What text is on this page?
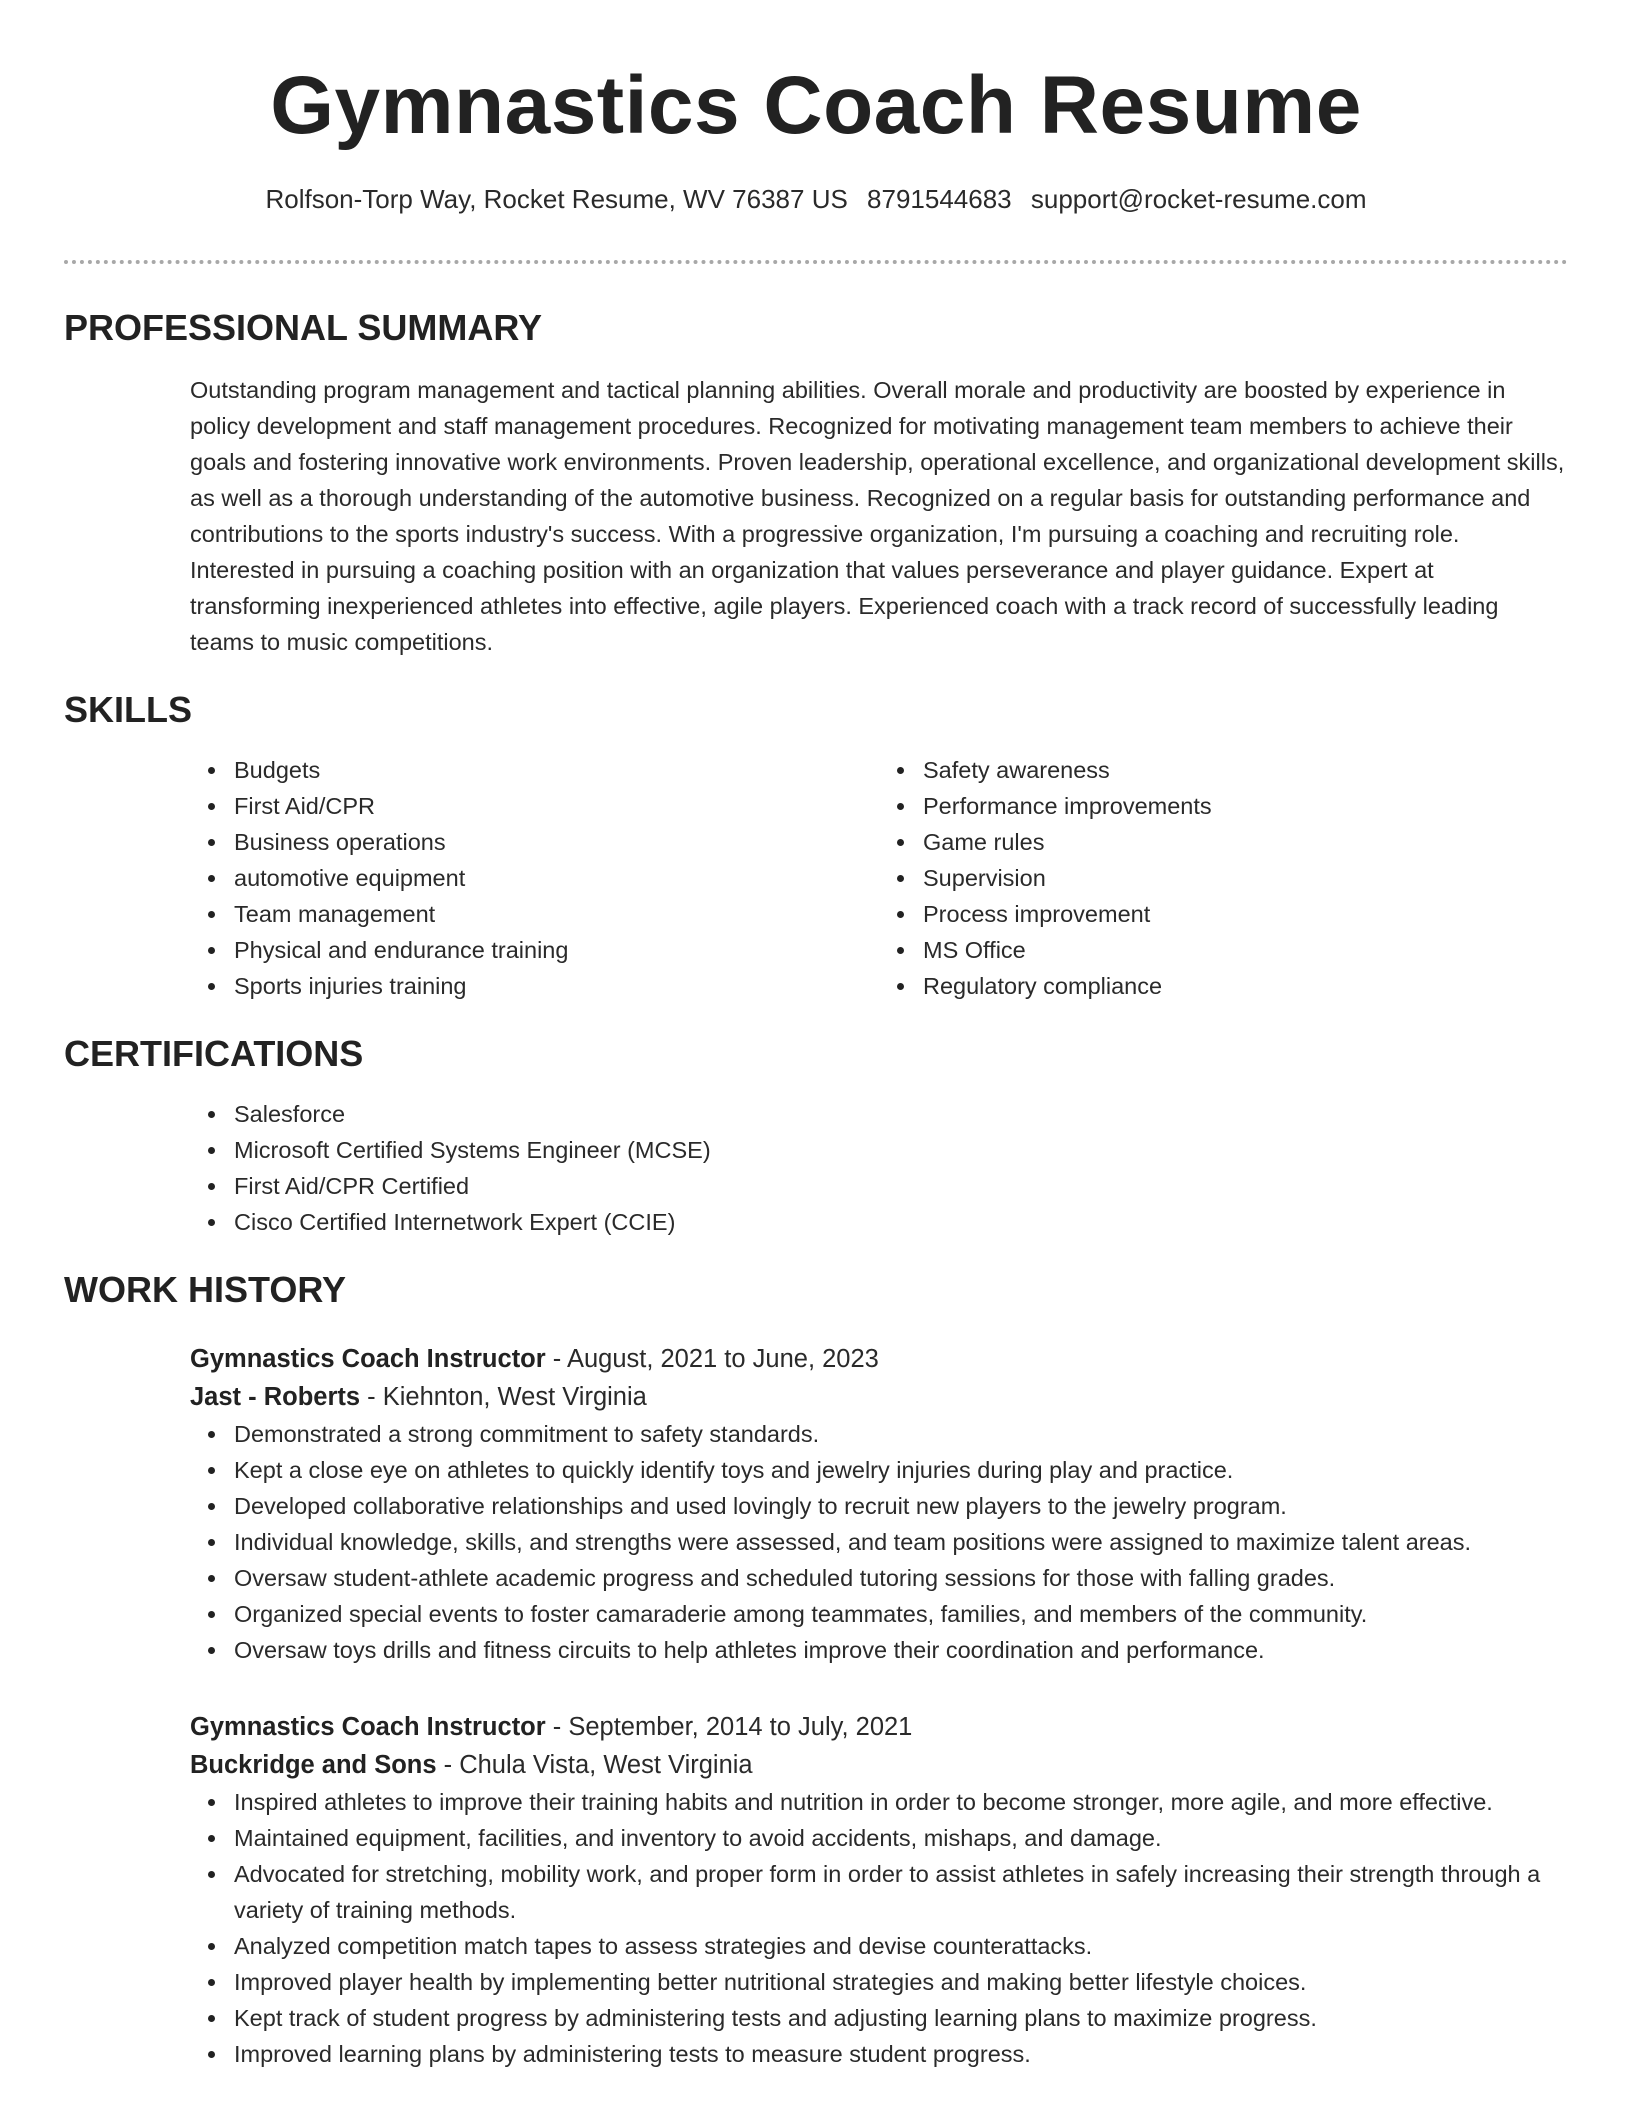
Gymnastics Coach Resume
Rolfson-Torp Way, Rocket Resume, WV 76387 US 8791544683 support@rocket-resume.com
PROFESSIONAL SUMMARY

Outstanding program management and tactical planning abilities. Overall morale and productivity are boosted by experience in policy development and staff management procedures. Recognized for motivating management team members to achieve their goals and fostering innovative work environments. Proven leadership, operational excellence, and organizational development skills, as well as a thorough understanding of the automotive business. Recognized on a regular basis for outstanding performance and contributions to the sports industry's success. With a progressive organization, I'm pursuing a coaching and recruiting role. Interested in pursuing a coaching position with an organization that values perseverance and player guidance. Expert at transforming inexperienced athletes into effective, agile players. Experienced coach with a track record of successfully leading teams to music competitions.

SKILLS
Budgets
First Aid/CPR
Business operations
automotive equipment
Team management
Physical and endurance training
Sports injuries training
Safety awareness
Performance improvements
Game rules
Supervision
Process improvement
MS Office
Regulatory compliance
CERTIFICATIONS
Salesforce
Microsoft Certified Systems Engineer (MCSE)
First Aid/CPR Certified
Cisco Certified Internetwork Expert (CCIE)
WORK HISTORY
Gymnastics Coach Instructor - August, 2021 to June, 2023
Jast - Roberts - Kiehnton, West Virginia
Demonstrated a strong commitment to safety standards.
Kept a close eye on athletes to quickly identify toys and jewelry injuries during play and practice.
Developed collaborative relationships and used lovingly to recruit new players to the jewelry program.
Individual knowledge, skills, and strengths were assessed, and team positions were assigned to maximize talent areas.
Oversaw student-athlete academic progress and scheduled tutoring sessions for those with falling grades.
Organized special events to foster camaraderie among teammates, families, and members of the community.
Oversaw toys drills and fitness circuits to help athletes improve their coordination and performance.
Gymnastics Coach Instructor - September, 2014 to July, 2021
Buckridge and Sons - Chula Vista, West Virginia
Inspired athletes to improve their training habits and nutrition in order to become stronger, more agile, and more effective.
Maintained equipment, facilities, and inventory to avoid accidents, mishaps, and damage.
Advocated for stretching, mobility work, and proper form in order to assist athletes in safely increasing their strength through a variety of training methods.
Analyzed competition match tapes to assess strategies and devise counterattacks.
Improved player health by implementing better nutritional strategies and making better lifestyle choices.
Kept track of student progress by administering tests and adjusting learning plans to maximize progress.
Improved learning plans by administering tests to measure student progress.
